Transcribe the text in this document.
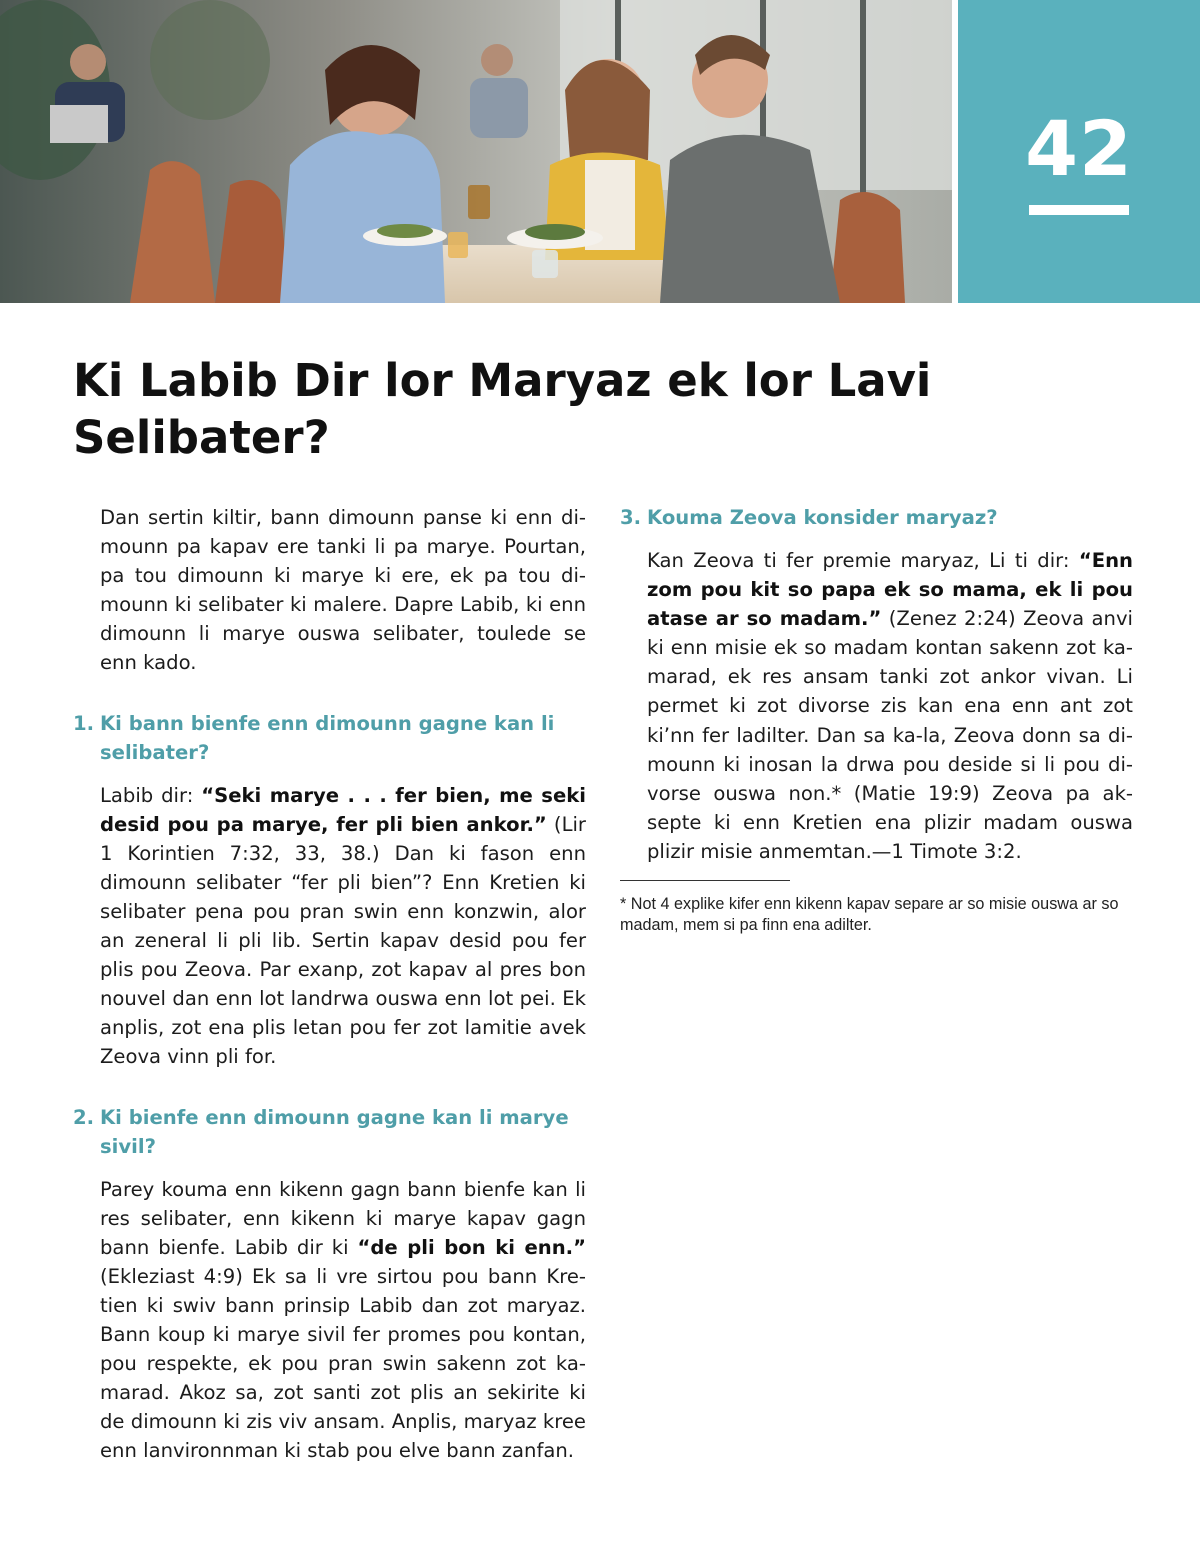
42
Ki Labib Dir lor Maryaz ek lor Lavi Selibater?

Dan sertin kiltir, bann dimounn panse ki enn dimounn pa kapav ere tanki li pa marye. Pourtan, pa tou dimounn ki marye ki ere, ek pa tou dimounn ki selibater ki malere. Dapre Labib, ki enn dimounn li marye ouswa selibater, toulede se enn kado.

1. Ki bann bienfe enn dimounn gagne kan li selibater?

Labib dir: “Seki marye . . . fer bien, me seki desid pou pa marye, fer pli bien ankor.” (Lir 1 Korintien 7:32, 33, 38.) Dan ki fason enn dimounn selibater “fer pli bien”? Enn Kretien ki selibater pena pou pran swin enn konzwin, alor an zeneral li pli lib. Sertin kapav desid pou fer plis pou Zeova. Par exanp, zot kapav al pres bon nouvel dan enn lot landrwa ouswa enn lot pei. Ek anplis, zot ena plis letan pou fer zot lamitie avek Zeova vinn pli for.

2. Ki bienfe enn dimounn gagne kan li marye sivil?

Parey kouma enn kikenn gagn bann bienfe kan li res selibater, enn kikenn ki marye kapav gagn bann bienfe. Labib dir ki “de pli bon ki enn.” (Ekleziast 4:9) Ek sa li vre sirtou pou bann Kretien ki swiv bann prinsip Labib dan zot maryaz. Bann koup ki marye sivil fer promes pou kontan, pou respekte, ek pou pran swin sakenn zot kamarad. Akoz sa, zot santi zot plis an sekirite ki de dimounn ki zis viv ansam. Anplis, maryaz kree enn lanvironnman ki stab pou elve bann zanfan.

3. Kouma Zeova konsider maryaz?

Kan Zeova ti fer premie maryaz, Li ti dir: “Enn zom pou kit so papa ek so mama, ek li pou atase ar so madam.” (Zenez 2:24) Zeova anvi ki enn misie ek so madam kontan sakenn zot kamarad, ek res ansam tanki zot ankor vivan. Li permet ki zot divorse zis kan ena enn ant zot ki’nn fer ladilter. Dan sa ka-la, Zeova donn sa dimounn ki inosan la drwa pou deside si li pou divorse ouswa non.* (Matie 19:9) Zeova pa aksepte ki enn Kretien ena plizir madam ouswa plizir misie anmemtan.—1 Timote 3:2.

* Not 4 explike kifer enn kikenn kapav separe ar so misie ouswa ar so madam, mem si pa finn ena adilter.
